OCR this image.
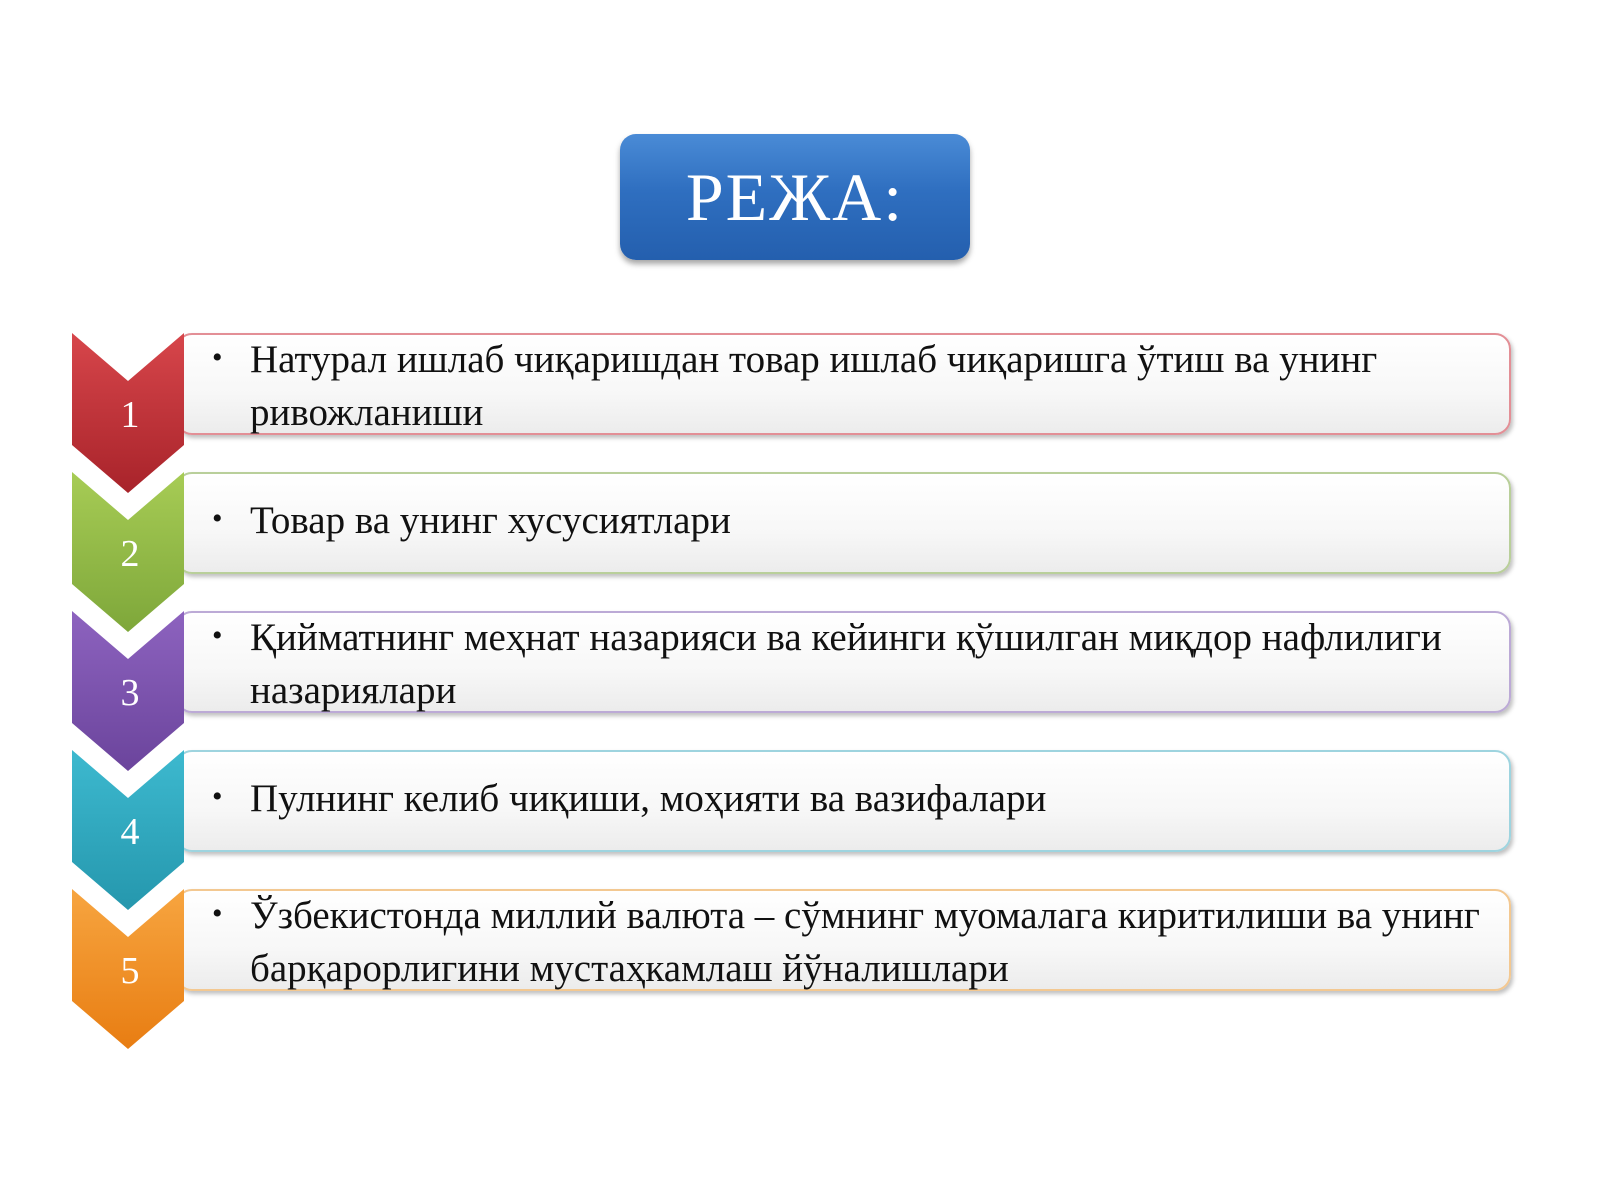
РЕЖА:
1
• Натурал ишлаб чиқаришдан товар ишлаб чиқаришга ўтиш ва унинг ривожланиши
2
• Товар ва унинг хусусиятлари
3
• Қийматнинг меҳнат назарияси ва кейинги қўшилган миқдор нафлилиги назариялари
4
• Пулнинг келиб чиқиши, моҳияти ва вазифалари
5
• Ўзбекистонда миллий валюта – сўмнинг муомалага киритилиши ва унинг барқарорлигини мустаҳкамлаш йўналишлари
